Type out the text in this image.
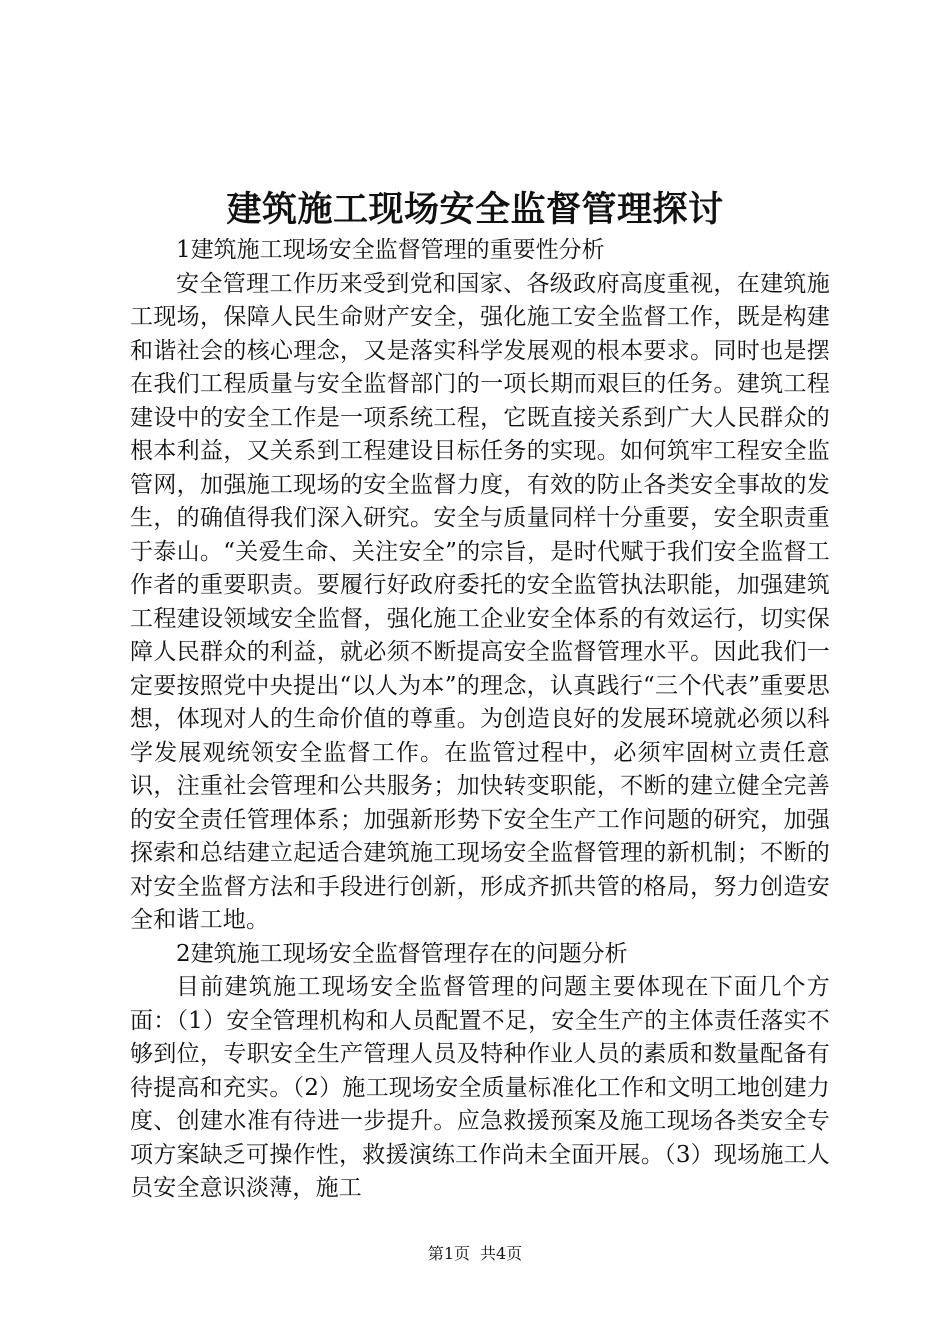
建筑施工现场安全监督管理探讨

1建筑施工现场安全监督管理的重要性分析

安全管理工作历来受到党和国家、各级政府高度重视，在建筑施工现场，保障人民生命财产安全，强化施工安全监督工作，既是构建和谐社会的核心理念，又是落实科学发展观的根本要求。同时也是摆在我们工程质量与安全监督部门的一项长期而艰巨的任务。建筑工程建设中的安全工作是一项系统工程，它既直接关系到广大人民群众的根本利益，又关系到工程建设目标任务的实现。如何筑牢工程安全监管网，加强施工现场的安全监督力度，有效的防止各类安全事故的发生，的确值得我们深入研究。安全与质量同样十分重要，安全职责重于泰山。“关爱生命、关注安全”的宗旨，是时代赋于我们安全监督工作者的重要职责。要履行好政府委托的安全监管执法职能，加强建筑工程建设领域安全监督，强化施工企业安全体系的有效运行，切实保障人民群众的利益，就必须不断提高安全监督管理水平。因此我们一定要按照党中央提出“以人为本”的理念，认真践行“三个代表”重要思想，体现对人的生命价值的尊重。为创造良好的发展环境就必须以科学发展观统领安全监督工作。在监管过程中，必须牢固树立责任意识，注重社会管理和公共服务；加快转变职能，不断的建立健全完善的安全责任管理体系；加强新形势下安全生产工作问题的研究，加强探索和总结建立起适合建筑施工现场安全监督管理的新机制；不断的对安全监督方法和手段进行创新，形成齐抓共管的格局，努力创造安全和谐工地。

2建筑施工现场安全监督管理存在的问题分析

目前建筑施工现场安全监督管理的问题主要体现在下面几个方面：（1）安全管理机构和人员配置不足，安全生产的主体责任落实不够到位，专职安全生产管理人员及特种作业人员的素质和数量配备有待提高和充实。（2）施工现场安全质量标准化工作和文明工地创建力度、创建水准有待进一步提升。应急救援预案及施工现场各类安全专项方案缺乏可操作性，救援演练工作尚未全面开展。（3）现场施工人员安全意识淡薄，施工

第1页 共4页
